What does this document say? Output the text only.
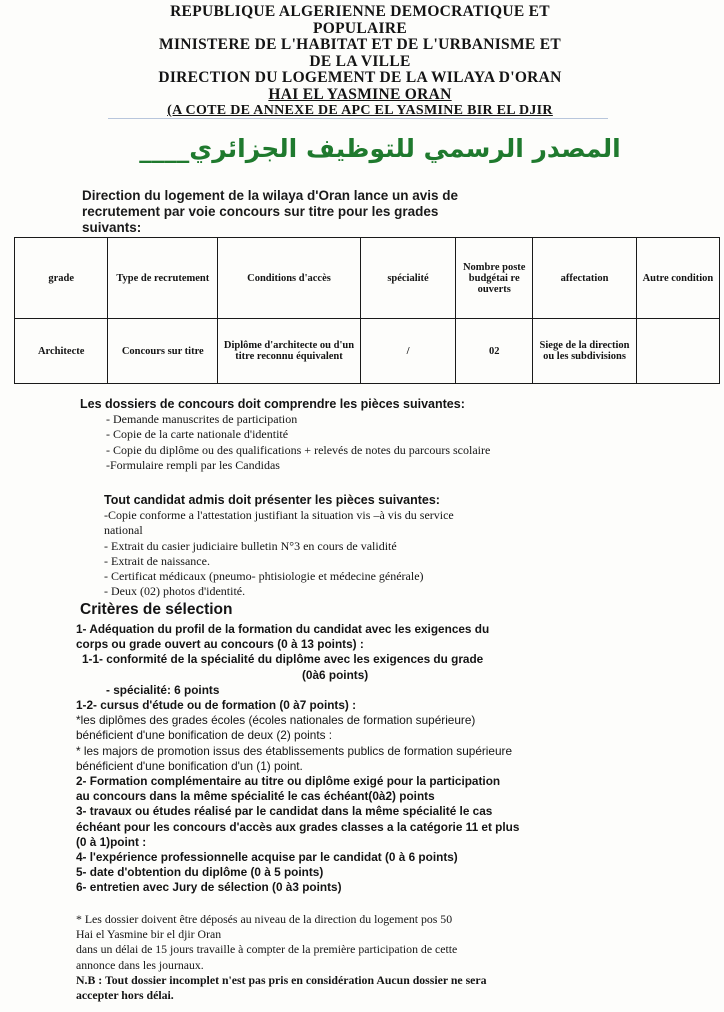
REPUBLIQUE ALGERIENNE DEMOCRATIQUE ET
POPULAIRE
MINISTERE DE L'HABITAT ET DE L'URBANISME ET
DE LA VILLE
DIRECTION DU LOGEMENT DE LA WILAYA D'ORAN
HAI EL YASMINE ORAN
(A COTE DE ANNEXE DE APC EL YASMINE BIR EL DJIR
المصدر الرسمي للتوظيف الجزائري____
Direction du logement de la wilaya d'Oran lance un avis de
recrutement par voie concours sur titre pour les grades
suivants:
grade	Type de recrutement	Conditions d'accès	spécialité	Nombre poste budgétai re ouverts	affectation	Autre condition
Architecte	Concours sur titre	Diplôme d'architecte ou d'un titre reconnu équivalent	/	02	Siege de la direction ou les subdivisions	
Les dossiers de concours doit comprendre les pièces suivantes:
- Demande manuscrites de participation
- Copie de la carte nationale d'identité
- Copie du diplôme ou des qualifications + relevés de notes du parcours scolaire
-Formulaire rempli par les Candidas
Tout candidat admis doit présenter les pièces suivantes:
-Copie conforme a l'attestation justifiant la situation vis –à vis du service
national
- Extrait du casier judiciaire bulletin N°3 en cours de validité
- Extrait de naissance.
- Certificat médicaux (pneumo- phtisiologie et médecine générale)
- Deux (02) photos d'identité.
Critères de sélection
1- Adéquation du profil de la formation du candidat avec les exigences du
corps ou grade ouvert au concours (0 à 13 points) :
1-1- conformité de la spécialité du diplôme avec les exigences du grade
(0à6 points)
- spécialité: 6 points
1-2- cursus d'étude ou de formation (0 à7 points) :
*les diplômes des grades écoles (écoles nationales de formation supérieure)
bénéficient d'une bonification de deux (2) points :
* les majors de promotion issus des établissements publics de formation supérieure
bénéficient d'une bonification d'un (1) point.
2- Formation complémentaire au titre ou diplôme exigé pour la participation
au concours dans la même spécialité le cas échéant(0à2) points
3- travaux ou études réalisé par le candidat dans la même spécialité le cas
échéant pour les concours d'accès aux grades classes a la catégorie 11 et plus
(0 à 1)point :
4- l'expérience professionnelle acquise par le candidat (0 à 6 points)
5- date d'obtention du diplôme (0 à 5 points)
6- entretien avec Jury de sélection (0 à3 points)
* Les dossier doivent être déposés au niveau de la direction du logement pos 50
Hai el Yasmine bir el djir Oran
dans un délai de 15 jours travaille à compter de la première participation de cette
annonce dans les journaux.
N.B : Tout dossier incomplet n'est pas pris en considération Aucun dossier ne sera
accepter hors délai.
